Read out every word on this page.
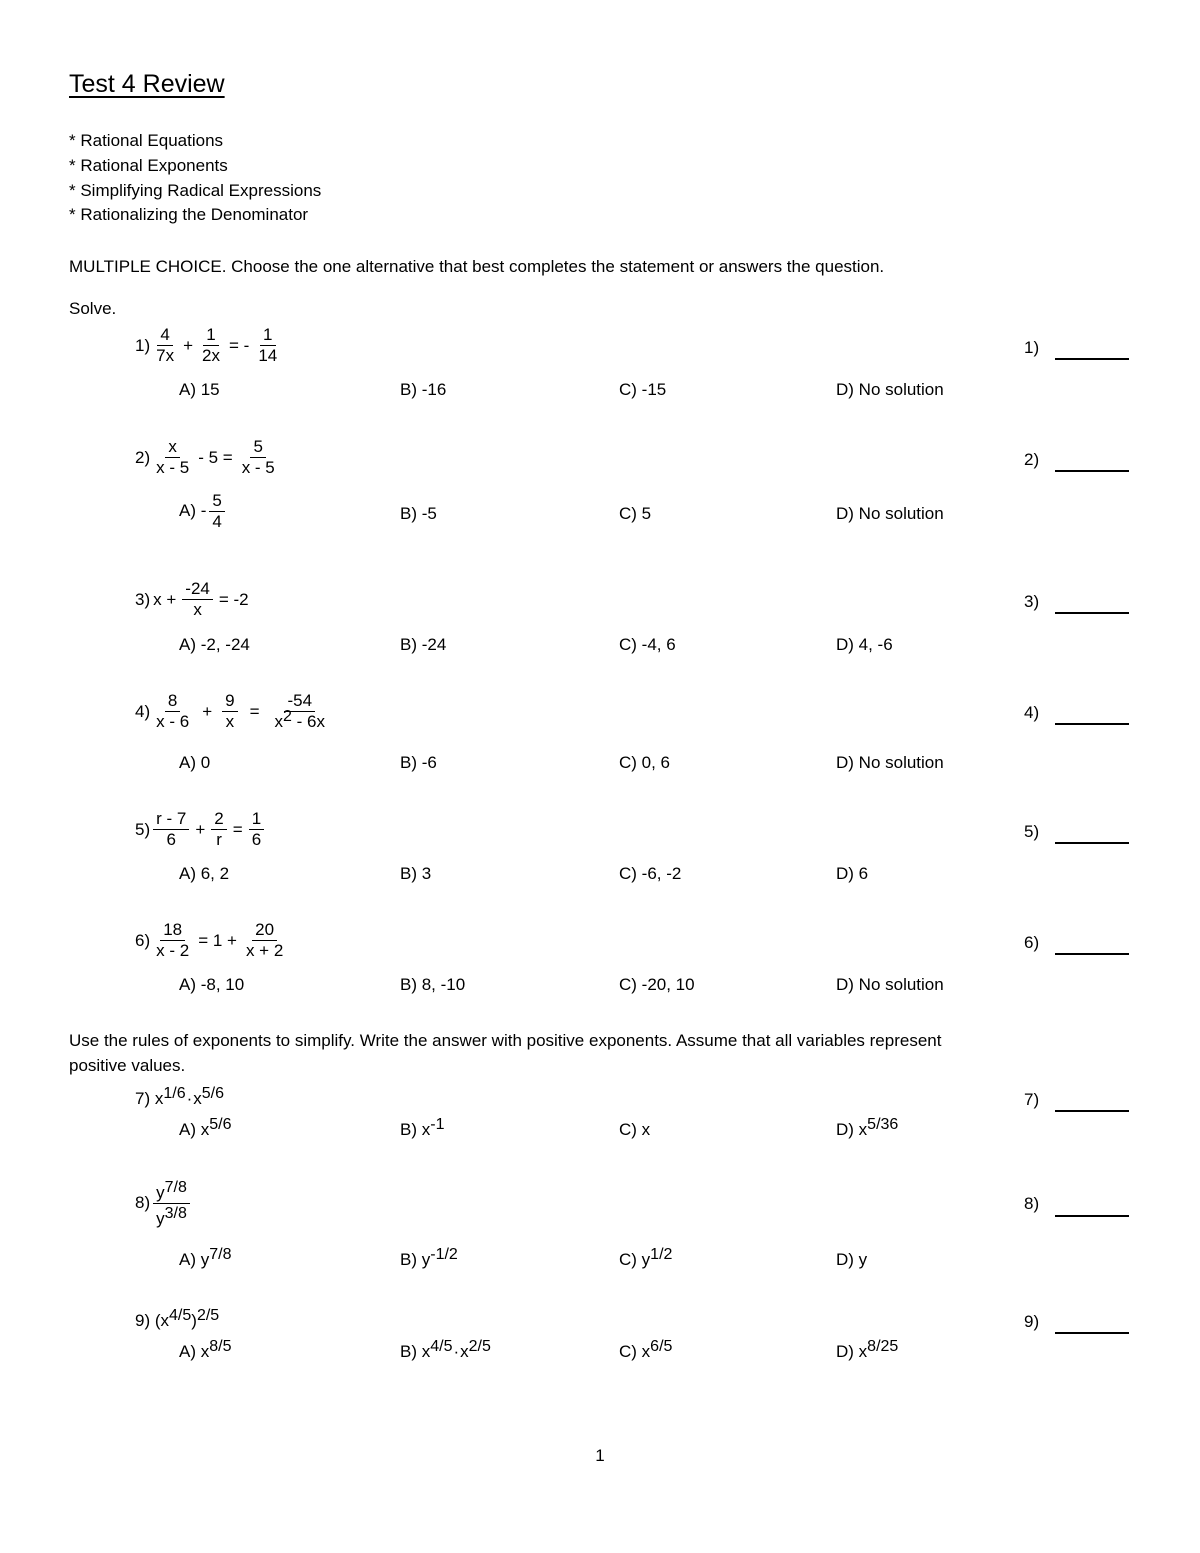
Test 4 Review
* Rational Equations
* Rational Exponents
* Simplifying Radical Expressions
* Rationalizing the Denominator
MULTIPLE CHOICE. Choose the one alternative that best completes the statement or answers the question.
Solve.
$1) \frac{4}{7x} + \frac{1}{2x}$ = - $\frac{1}{14}$	1)
A) 15	B) -16	C) -15	D) No solution
$2) \frac{x}{x - 5} - 5 = \frac{5}{x - 5}$	2)
$A) - \frac{5}{4}$	B) -5	C) 5	D) No solution
3) $x + \frac{-24}{x} = -2$	3)
A) -2, -24	B) -24	C) -4, 6	D) 4, -6
$4) \frac{8}{x - 6} + \frac{9}{x} = \frac{-54}{x^2 - 6x}$	4)
A) 0	B) -6	C) 0, 6	D) No solution
$5) \frac{r - 7}{6} + \frac{2}{r} = \frac{1}{6}$	5)
A) 6, 2	B) 3	C) -6, -2	D) 6
$6) \frac{18}{x - 2} = 1 + \frac{20}{x + 2}$	6)
A) -8, 10	B) 8, -10	C) -20, 10	D) No solution
Use the rules of exponents to simplify. Write the answer with positive exponents. Assume that all variables represent
positive values.
7) $x^{1/6}\cdot x^{5/6}$	7)
A) $x^{5/6}$	B) $x^{-1}$	C) x	D) $x^{5/36}$
$8) \frac{y^{7/8}}{y^{3/8}}$	8)
A) $y^{7/8}$	B) $y^{-1/2}$	C) $y^{1/2}$	D) y
9) $(x^{4/5})^{2/5}$	9)
A) $x^{8/5}$	B) $x^{4/5}\cdot x^{2/5}$	C) $x^{6/5}$	D) $x^{8/25}$
1
